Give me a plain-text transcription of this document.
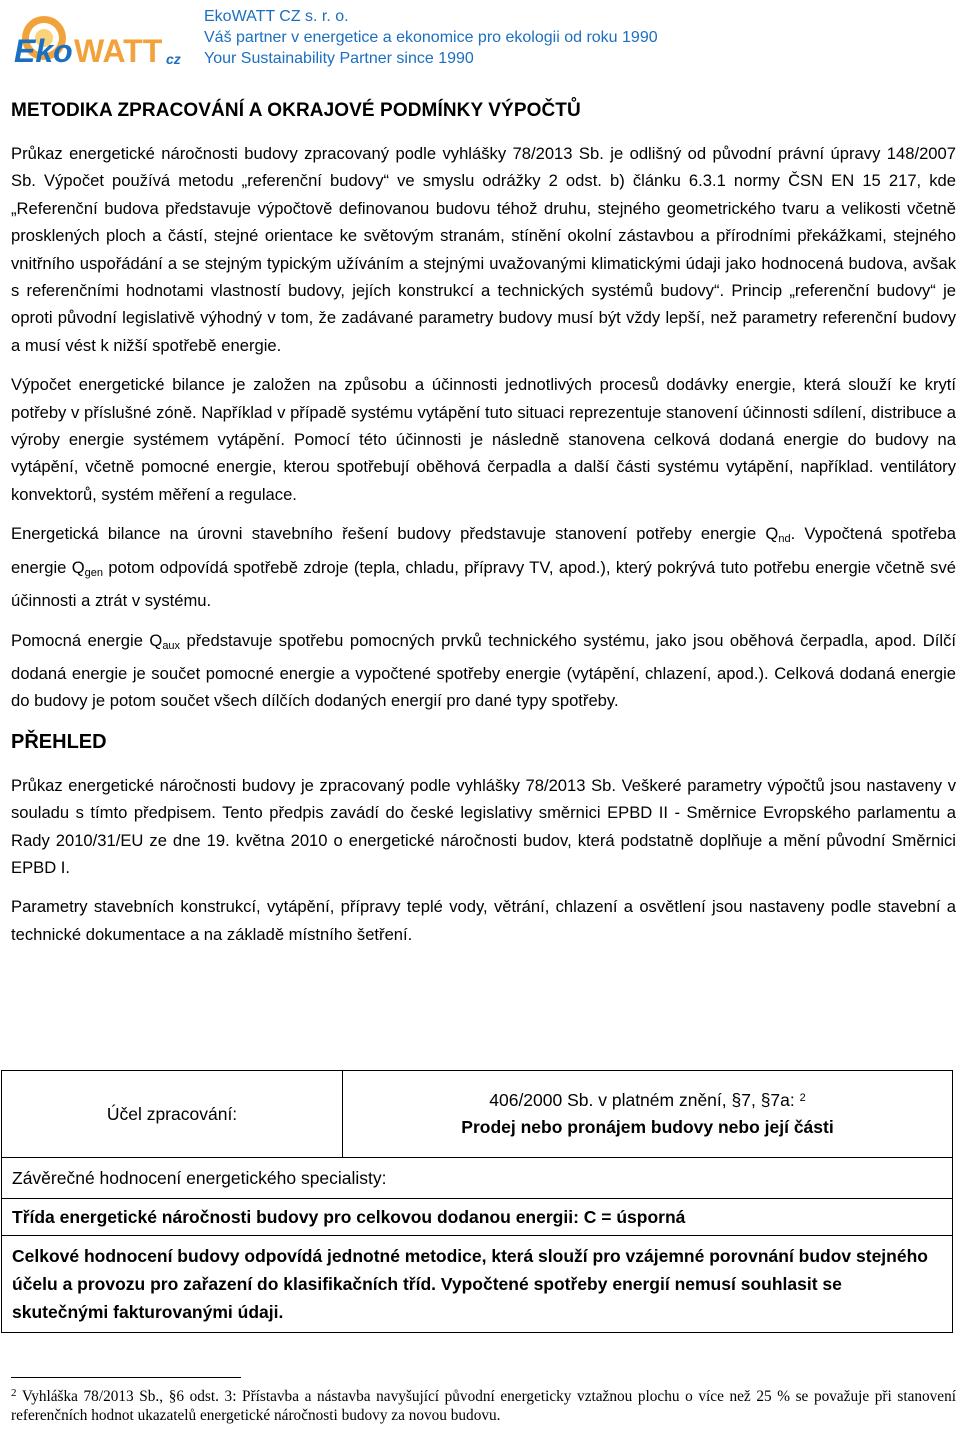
Eko WATT cz
EkoWATT CZ s. r. o.
Váš partner v energetice a ekonomice pro ekologii od roku 1990
Your Sustainability Partner since 1990
METODIKA ZPRACOVÁNÍ A OKRAJOVÉ PODMÍNKY VÝPOČTŮ

Průkaz energetické náročnosti budovy zpracovaný podle vyhlášky 78/2013 Sb. je odlišný od původní právní úpravy 148/2007 Sb. Výpočet používá metodu „referenční budovy“ ve smyslu odrážky 2 odst. b) článku 6.3.1 normy ČSN EN 15 217, kde „Referenční budova představuje výpočtově definovanou budovu téhož druhu, stejného geometrického tvaru a velikosti včetně prosklených ploch a částí, stejné orientace ke světovým stranám, stínění okolní zástavbou a přírodními překážkami, stejného vnitřního uspořádání a se stejným typickým užíváním a stejnými uvažovanými klimatickými údaji jako hodnocená budova, avšak s referenčními hodnotami vlastností budovy, jejích konstrukcí a technických systémů budovy“. Princip „referenční budovy“ je oproti původní legislativě výhodný v tom, že zadávané parametry budovy musí být vždy lepší, než parametry referenční budovy a musí vést k nižší spotřebě energie.

Výpočet energetické bilance je založen na způsobu a účinnosti jednotlivých procesů dodávky energie, která slouží ke krytí potřeby v příslušné zóně. Například v případě systému vytápění tuto situaci reprezentuje stanovení účinnosti sdílení, distribuce a výroby energie systémem vytápění. Pomocí této účinnosti je následně stanovena celková dodaná energie do budovy na vytápění, včetně pomocné energie, kterou spotřebují oběhová čerpadla a další části systému vytápění, například. ventilátory konvektorů, systém měření a regulace.

Energetická bilance na úrovni stavebního řešení budovy představuje stanovení potřeby energie $Q_{nd}$. Vypočtená spotřeba energie $Q_{gen}$ potom odpovídá spotřebě zdroje (tepla, chladu, přípravy TV, apod.), který pokrývá tuto potřebu energie včetně své účinnosti a ztrát v systému.

Pomocná energie $Q_{aux}$ představuje spotřebu pomocných prvků technického systému, jako jsou oběhová čerpadla, apod. Dílčí dodaná energie je součet pomocné energie a vypočtené spotřeby energie (vytápění, chlazení, apod.). Celková dodaná energie do budovy je potom součet všech dílčích dodaných energií pro dané typy spotřeby.

PŘEHLED

Průkaz energetické náročnosti budovy je zpracovaný podle vyhlášky 78/2013 Sb. Veškeré parametry výpočtů jsou nastaveny v souladu s tímto předpisem. Tento předpis zavádí do české legislativy směrnici EPBD II - Směrnice Evropského parlamentu a Rady 2010/31/EU ze dne 19. května 2010 o energetické náročnosti budov, která podstatně doplňuje a mění původní Směrnici EPBD I.

Parametry stavebních konstrukcí, vytápění, přípravy teplé vody, větrání, chlazení a osvětlení jsou nastaveny podle stavební a technické dokumentace a na základě místního šetření.

Účel zpracování:	
406/2000 Sb. v platném znění, §7, §7a: $^2$
Prodej nebo pronájem budovy nebo její části

Závěrečné hodnocení energetického specialisty:
Třída energetické náročnosti budovy pro celkovou dodanou energii: C = úsporná
Celkové hodnocení budovy odpovídá jednotné metodice, která slouží pro vzájemné porovnání budov stejného účelu a provozu pro zařazení do klasifikačních tříd. Vypočtené spotřeby energií nemusí souhlasit se skutečnými fakturovanými údaji.
$^2$ Vyhláška 78/2013 Sb., §6 odst. 3: Přístavba a nástavba navyšující původní energeticky vztažnou plochu o více než 25 % se považuje při stanovení referenčních hodnot ukazatelů energetické náročnosti budovy za novou budovu.
